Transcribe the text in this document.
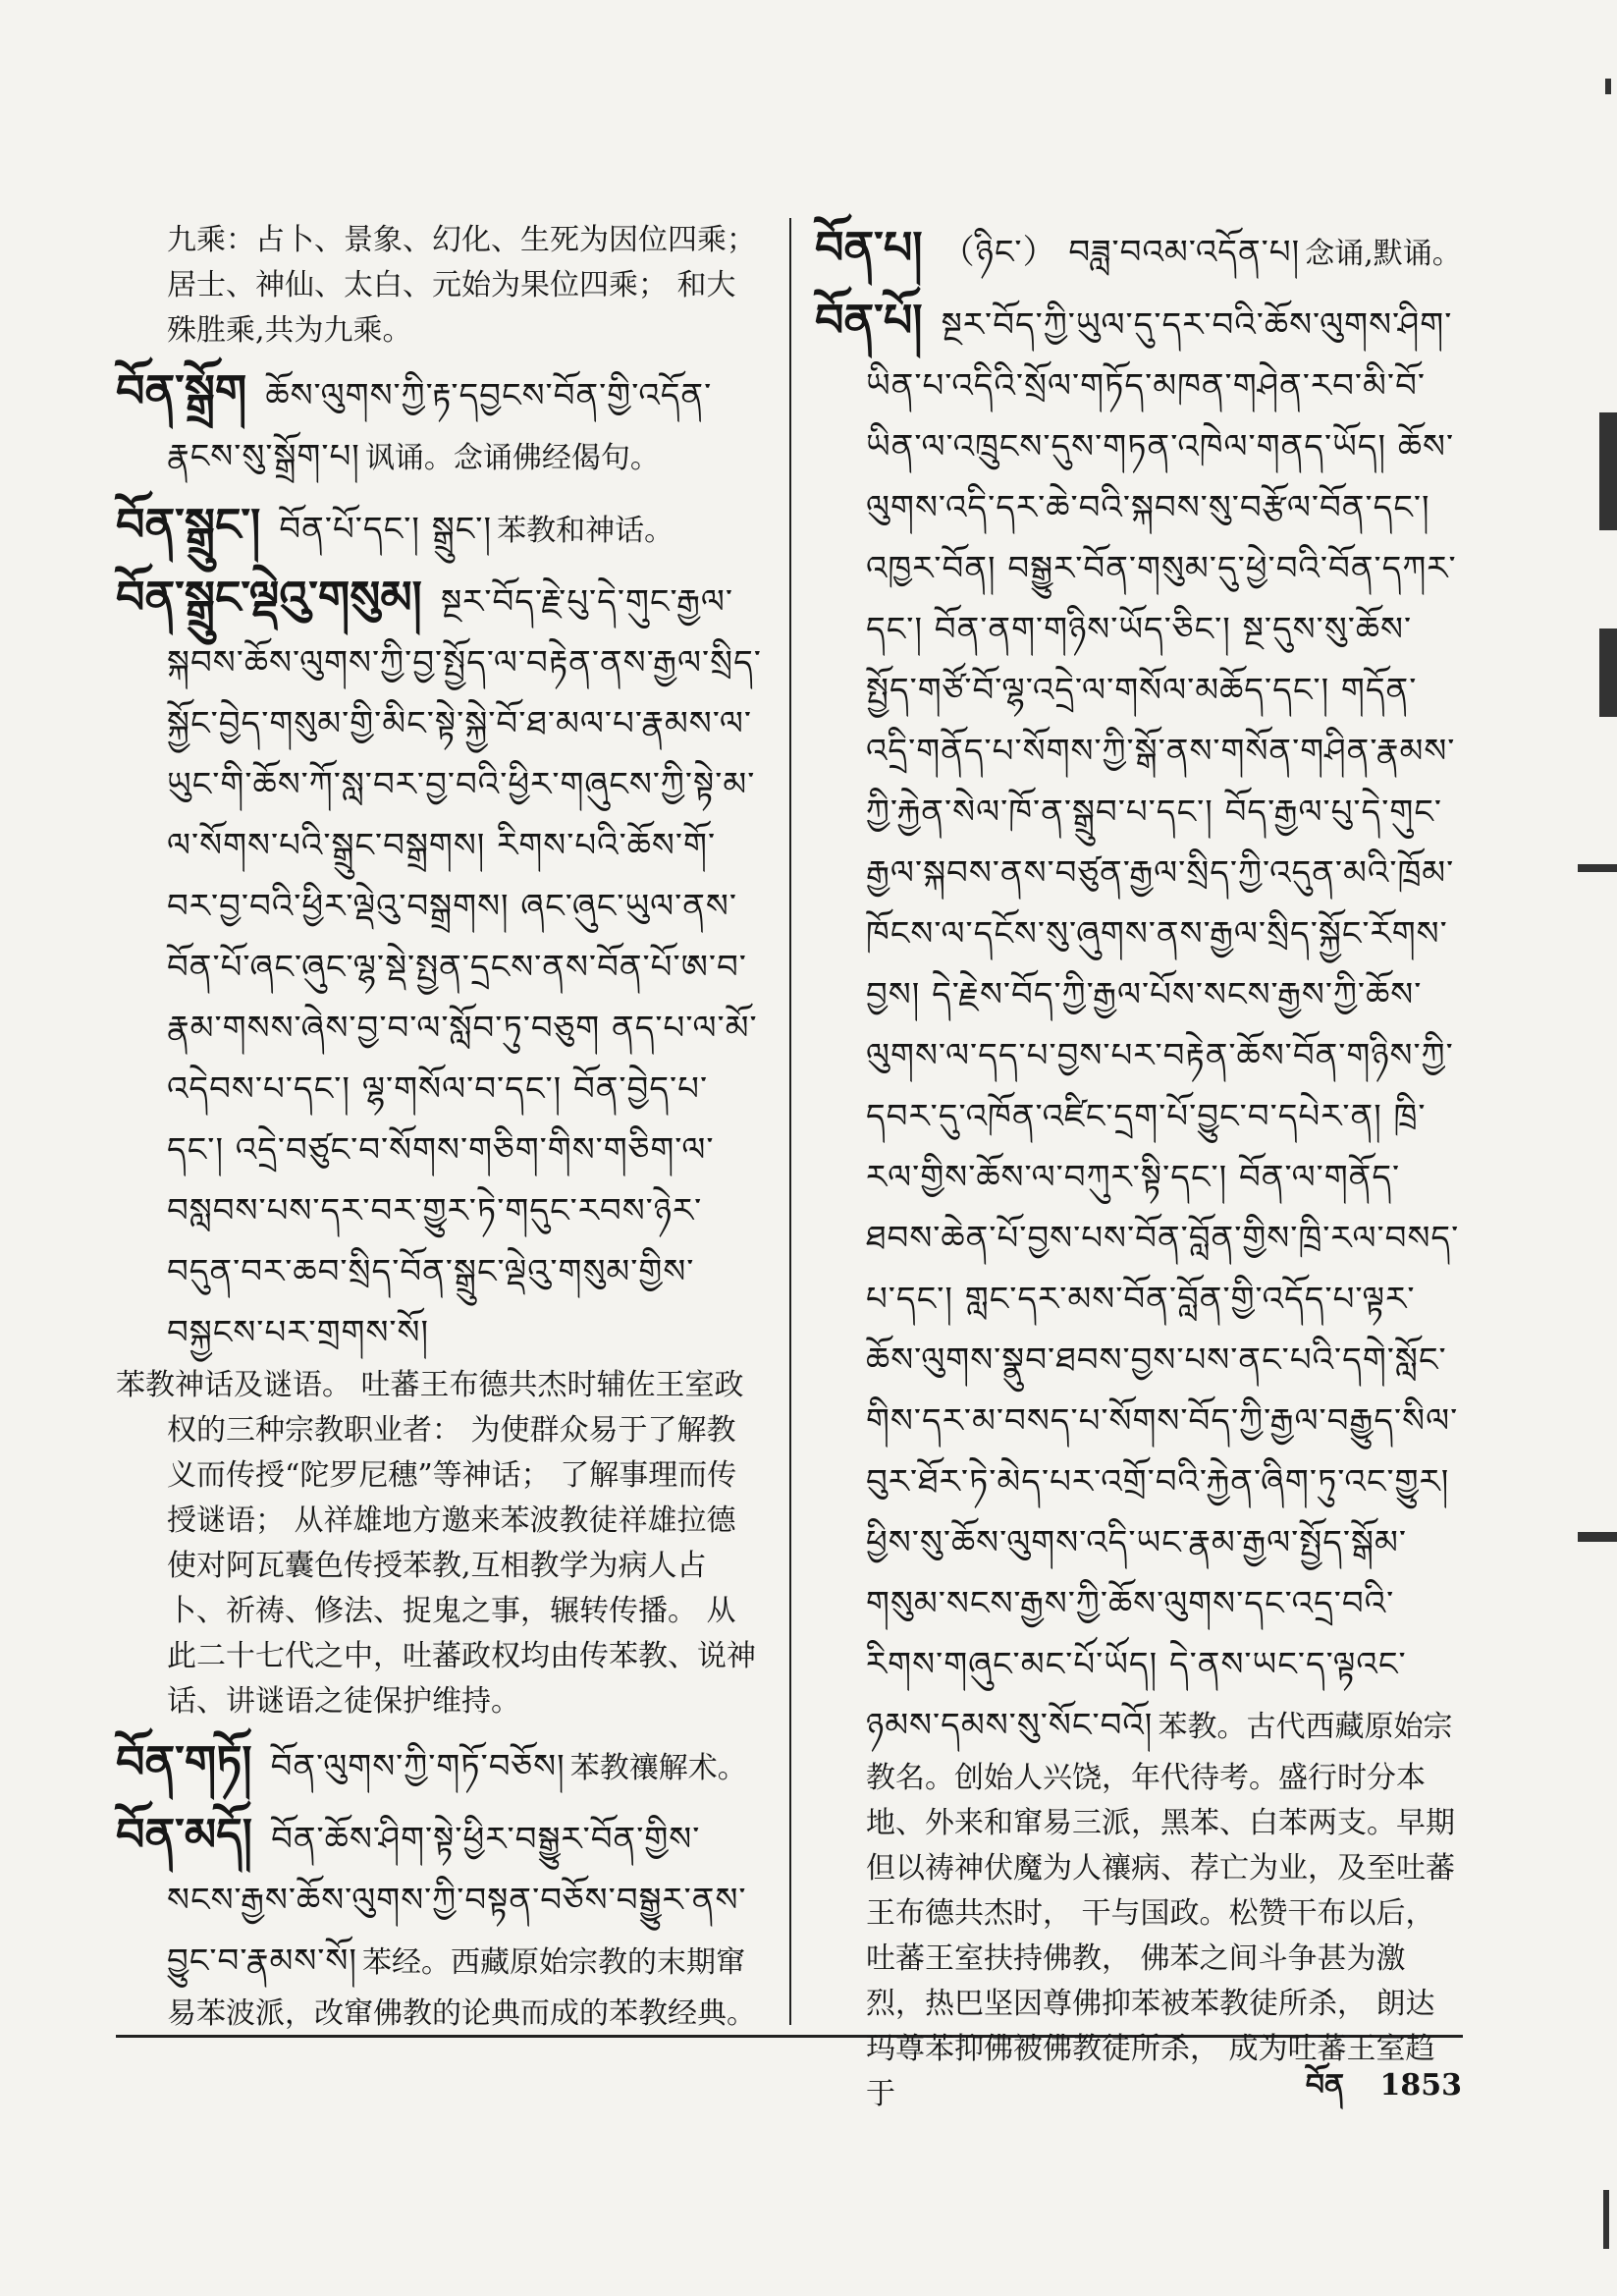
九乘：占卜、景象、幻化、生死为因位四乘；居士、神仙、太白、元始为果位四乘； 和大殊胜乘,共为九乘。
བོན་སྒྲོག ཆོས་ལུགས་ཀྱི་རྟ་དབྱངས་བོན་གྱི་འདོན་རྣངས་སུ་སྒྲོག་པ། 讽诵。念诵佛经偈句。
བོན་སྒྲུང་། བོན་པོ་དང་། སྒྲུང་། 苯教和神话。
བོན་སྒྲུང་ལྡེའུ་གསུམ། སྔར་བོད་རྗེ་པུ་དེ་གུང་རྒྱལ་སྐབས་ཆོས་ལུགས་ཀྱི་བྱ་སྤྱོད་ལ་བརྟེན་ནས་རྒྱལ་སྲིད་སྐྱོང་བྱེད་གསུམ་གྱི་མིང་སྟེ་སྐྱེ་བོ་ཐ་མལ་པ་རྣམས་ལ་ཡུང་གི་ཆོས་ཀོ་སླ་བར་བྱ་བའི་ཕྱིར་གཞུངས་ཀྱི་སྟེ་མ་ལ་སོགས་པའི་སྒྲུང་བསྒྲགས། རིགས་པའི་ཆོས་གོ་བར་བྱ་བའི་ཕྱིར་ལྡེའུ་བསྒྲགས། ཞང་ཞུང་ཡུལ་ནས་བོན་པོ་ཞང་ཞུང་ལྷ་སྡེ་སྤྱན་དྲངས་ནས་བོན་པོ་ཨ་བ་རྣམ་གསས་ཞེས་བྱ་བ་ལ་སློབ་ཏུ་བཅུག ནད་པ་ལ་མོ་འདེབས་པ་དང་། ལྷ་གསོལ་བ་དང་། བོན་བྱེད་པ་དང་། འདྲེ་བཙུང་བ་སོགས་གཅིག་གིས་གཅིག་ལ་བསླབས་པས་དར་བར་གྱུར་ཏེ་གདུང་རབས་ཉེར་བདུན་བར་ཆབ་སྲིད་བོན་སྒྲུང་ལྡེའུ་གསུམ་གྱིས་བསྐྱངས་པར་གྲགས་སོ།
苯教神话及谜语。 吐蕃王布德共杰时辅佐王室政权的三种宗教职业者： 为使群众易于了解教义而传授“陀罗尼穗”等神话； 了解事理而传授谜语； 从祥雄地方邀来苯波教徒祥雄拉德使对阿瓦囊色传授苯教,互相教学为病人占卜、祈祷、修法、捉鬼之事，辗转传播。 从此二十七代之中，吐蕃政权均由传苯教、说神话、讲谜语之徒保护维持。
བོན་གཏོ། བོན་ལུགས་ཀྱི་གཏོ་བཅོས། 苯教禳解术。
བོན་མདོ། བོན་ཆོས་ཤིག་སྟེ་ཕྱིར་བསྒྱུར་བོན་གྱིས་སངས་རྒྱས་ཆོས་ལུགས་ཀྱི་བསྟན་བཅོས་བསྒྱུར་ནས་བྱུང་བ་རྣམས་སོ། 苯经。西藏原始宗教的末期窜易苯波派，改窜佛教的论典而成的苯教经典。
བོན་པ། （ཉིང་） བཟླ་བའམ་འདོན་པ། 念诵,默诵。
བོན་པོ། སྔར་བོད་ཀྱི་ཡུལ་དུ་དར་བའི་ཆོས་ལུགས་ཤིག་ཡིན་པ་འདིའི་སྲོལ་གཏོད་མཁན་གཤེན་རབ་མི་བོ་ཡིན་ལ་འཁྲུངས་དུས་གཏན་འཁེལ་གནད་ཡོད། ཆོས་ལུགས་འདི་དར་ཆེ་བའི་སྐབས་སུ་བརྩོལ་བོན་དང་། འཁྱར་བོན། བསྒྱུར་བོན་གསུམ་དུ་ཕྱེ་བའི་བོན་དཀར་དང་། བོན་ནག་གཉིས་ཡོད་ཅིང་། སྔ་དུས་སུ་ཆོས་སྤྱོད་གཙོ་བོ་ལྷ་འདྲེ་ལ་གསོལ་མཆོད་དང་། གདོན་འདྲི་གནོད་པ་སོགས་ཀྱི་སྒོ་ནས་གསོན་གཤིན་རྣམས་ཀྱི་རྐྱེན་སེལ་ཁོ་ན་སྒྲུབ་པ་དང་། བོད་རྒྱལ་པུ་དེ་གུང་རྒྱལ་སྐབས་ནས་བཙུན་རྒྱལ་སྲིད་ཀྱི་འདུན་མའི་ཁྲོམ་ཁོངས་ལ་དངོས་སུ་ཞུགས་ནས་རྒྱལ་སྲིད་སྐྱོང་རོགས་བྱས། དེ་རྗེས་བོད་ཀྱི་རྒྱལ་པོས་སངས་རྒྱས་ཀྱི་ཆོས་ལུགས་ལ་དད་པ་བྱས་པར་བརྟེན་ཆོས་བོན་གཉིས་ཀྱི་དབར་དུ་འཁོན་འཛིང་དྲག་པོ་བྱུང་བ་དཔེར་ན། ཁྲི་རལ་གྱིས་ཆོས་ལ་བཀུར་སྟི་དང་། བོན་ལ་གནོད་ཐབས་ཆེན་པོ་བྱས་པས་བོན་བློན་གྱིས་ཁྲི་རལ་བསད་པ་དང་། གླང་དར་མས་བོན་བློན་གྱི་འདོད་པ་ལྟར་ཆོས་ལུགས་སྣུབ་ཐབས་བྱས་པས་ནང་པའི་དགེ་སློང་གིས་དར་མ་བསད་པ་སོགས་བོད་ཀྱི་རྒྱལ་བརྒྱུད་སིལ་བུར་ཐོར་ཏེ་མེད་པར་འགྲོ་བའི་རྐྱེན་ཞིག་ཏུ་འང་གྱུར། ཕྱིས་སུ་ཆོས་ལུགས་འདི་ཡང་རྣམ་རྒྱལ་སྤྱོད་སྒོམ་གསུམ་སངས་རྒྱས་ཀྱི་ཆོས་ལུགས་དང་འདྲ་བའི་རིགས་གཞུང་མང་པོ་ཡོད། དེ་ནས་ཡང་ད་ལྟའང་ཉམས་དམས་སུ་སོང་བའོ། 苯教。古代西藏原始宗教名。创始人兴饶，年代待考。盛行时分本地、外来和窜易三派，黑苯、白苯两支。早期但以祷神伏魔为人禳病、荐亡为业，及至吐蕃王布德共杰时， 干与国政。松赞干布以后，吐蕃王室扶持佛教， 佛苯之间斗争甚为激烈，热巴坚因尊佛抑苯被苯教徒所杀， 朗达玛尊苯抑佛被佛教徒所杀， 成为吐蕃王室趋于	བོན 1853
